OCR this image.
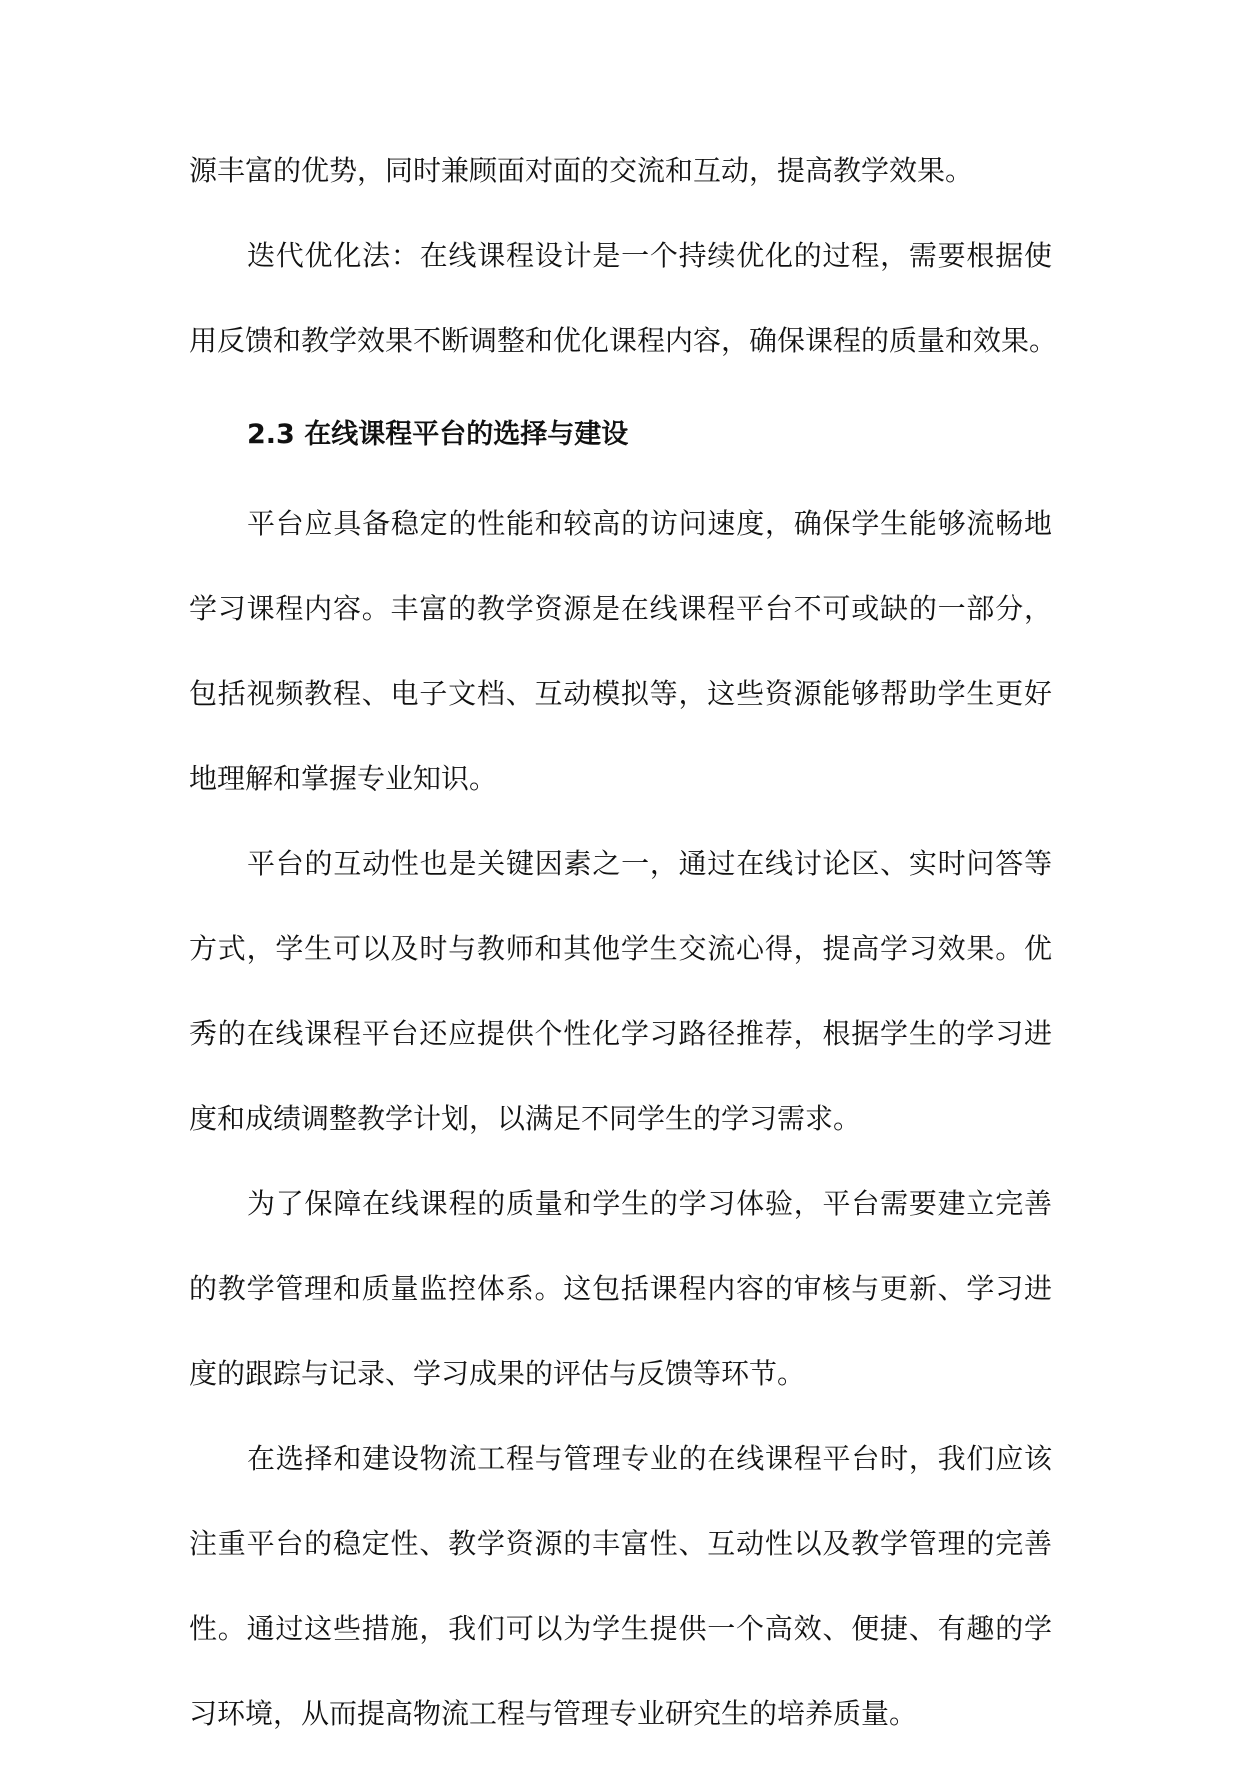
源丰富的优势，同时兼顾面对面的交流和互动，提高教学效果。
迭代优化法：在线课程设计是一个持续优化的过程，需要根据使
用反馈和教学效果不断调整和优化课程内容，确保课程的质量和效果。
2.3 在线课程平台的选择与建设
平台应具备稳定的性能和较高的访问速度，确保学生能够流畅地
学习课程内容。丰富的教学资源是在线课程平台不可或缺的一部分，
包括视频教程、电子文档、互动模拟等，这些资源能够帮助学生更好
地理解和掌握专业知识。
平台的互动性也是关键因素之一，通过在线讨论区、实时问答等
方式，学生可以及时与教师和其他学生交流心得，提高学习效果。优
秀的在线课程平台还应提供个性化学习路径推荐，根据学生的学习进
度和成绩调整教学计划，以满足不同学生的学习需求。
为了保障在线课程的质量和学生的学习体验，平台需要建立完善
的教学管理和质量监控体系。这包括课程内容的审核与更新、学习进
度的跟踪与记录、学习成果的评估与反馈等环节。
在选择和建设物流工程与管理专业的在线课程平台时，我们应该
注重平台的稳定性、教学资源的丰富性、互动性以及教学管理的完善
性。通过这些措施，我们可以为学生提供一个高效、便捷、有趣的学
习环境，从而提高物流工程与管理专业研究生的培养质量。
